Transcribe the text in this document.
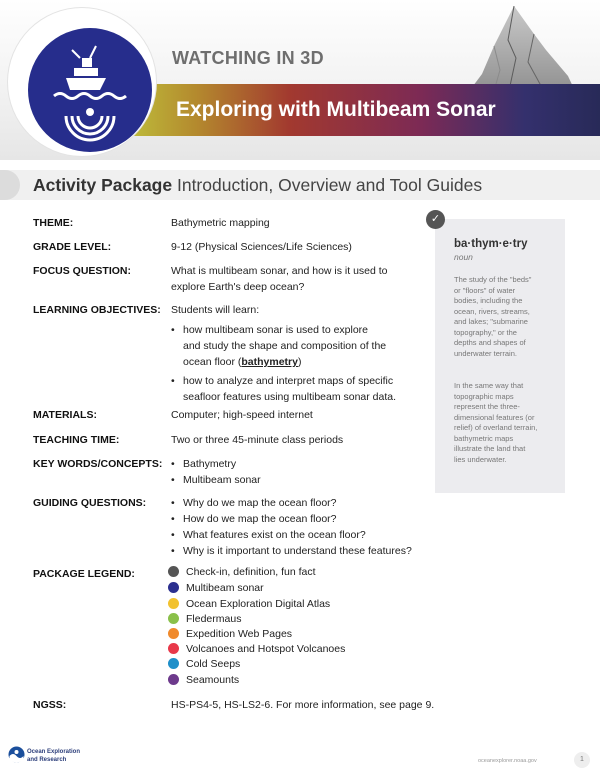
WATCHING IN 3D
Exploring with Multibeam Sonar
Activity Package Introduction, Overview and Tool Guides
THEME:	Bathymetric mapping
GRADE LEVEL:	9-12 (Physical Sciences/Life Sciences)
FOCUS QUESTION:	What is multibeam sonar, and how is it used to
explore Earth's deep ocean?
LEARNING OBJECTIVES: Students will learn:
• how multibeam sonar is used to explore
and study the shape and composition of the
ocean floor (bathymetry)
• how to analyze and interpret maps of specific
seafloor features using multibeam sonar data.
MATERIALS:	Computer; high-speed internet
TEACHING TIME:	Two or three 45-minute class periods
KEY WORDS/CONCEPTS:	• Bathymetry
• Multibeam sonar
GUIDING QUESTIONS:	• Why do we map the ocean floor?
• How do we map the ocean floor?
• What features exist on the ocean floor?
• Why is it important to understand these features?
PACKAGE LEGEND:	Check-in, definition, fun fact
Multibeam sonar
Ocean Exploration Digital Atlas
Fledermaus
Expedition Web Pages
Volcanoes and Hotspot Volcanoes
Cold Seeps
Seamounts
NGSS:	HS-PS4-5, HS-LS2-6. For more information, see page 9.
ba·thym·e·try
noun
The study of the "beds"
or "floors" of water
bodies, including the
ocean, rivers, streams,
and lakes; "submarine
topography," or the
depths and shapes of
underwater terrain.
In the same way that
topographic maps
represent the three-
dimensional features (or
relief) of overland terrain,
bathymetric maps
illustrate the land that
lies underwater.
✓
Ocean Exploration
and Research	oceanexplorer.noaa.gov	1
